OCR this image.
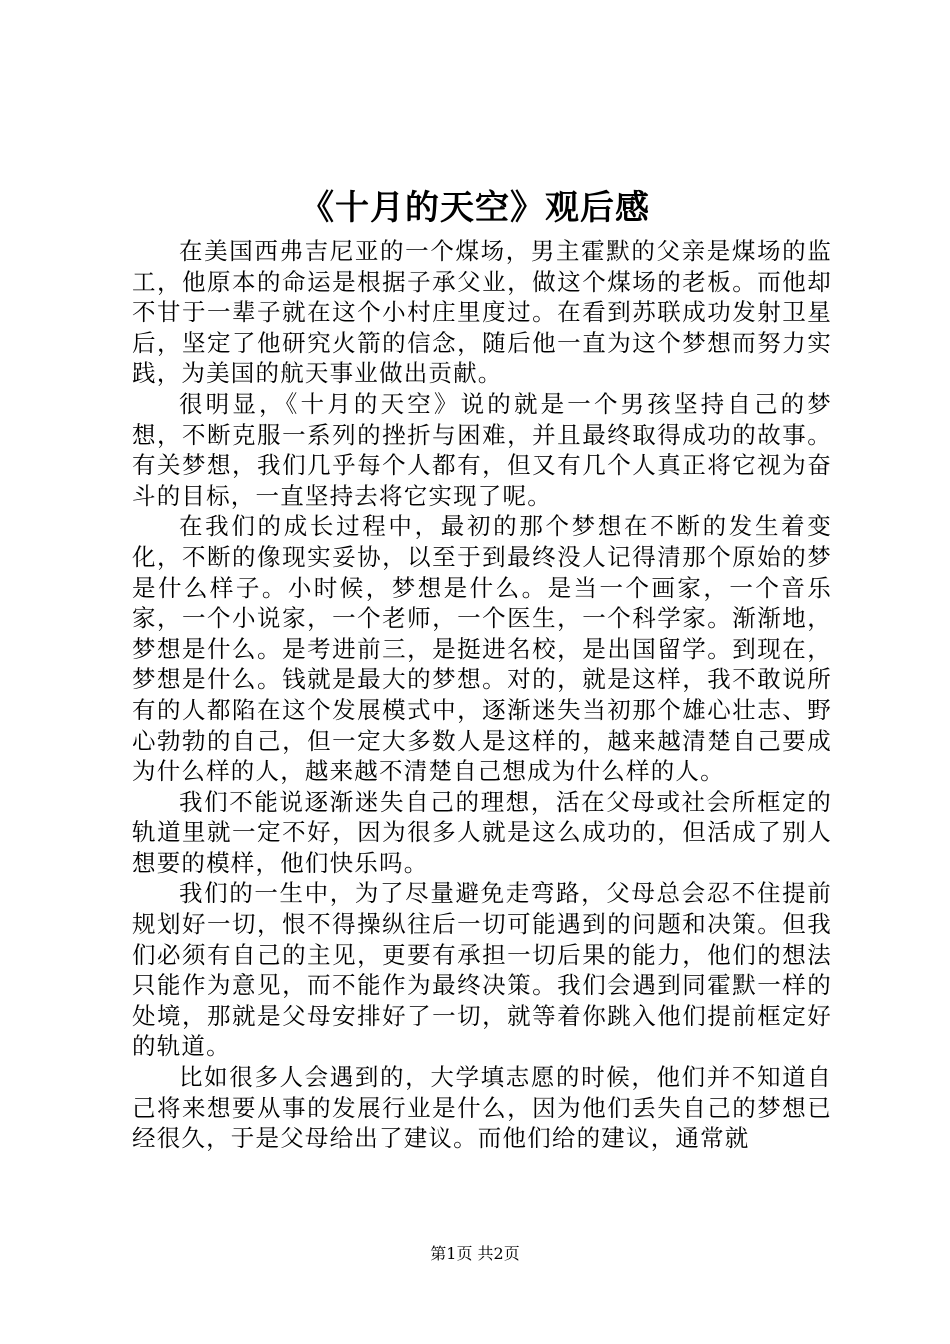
《十月的天空》观后感

在美国西弗吉尼亚的一个煤场，男主霍默的父亲是煤场的监工，他原本的命运是根据子承父业，做这个煤场的老板。而他却不甘于一辈子就在这个小村庄里度过。在看到苏联成功发射卫星后，坚定了他研究火箭的信念，随后他一直为这个梦想而努力实践，为美国的航天事业做出贡献。

很明显，《十月的天空》说的就是一个男孩坚持自己的梦想，不断克服一系列的挫折与困难，并且最终取得成功的故事。有关梦想，我们几乎每个人都有，但又有几个人真正将它视为奋斗的目标，一直坚持去将它实现了呢。

在我们的成长过程中，最初的那个梦想在不断的发生着变化，不断的像现实妥协，以至于到最终没人记得清那个原始的梦是什么样子。小时候，梦想是什么。是当一个画家，一个音乐家，一个小说家，一个老师，一个医生，一个科学家。渐渐地，梦想是什么。是考进前三，是挺进名校，是出国留学。到现在，梦想是什么。钱就是最大的梦想。对的，就是这样，我不敢说所有的人都陷在这个发展模式中，逐渐迷失当初那个雄心壮志、野心勃勃的自己，但一定大多数人是这样的，越来越清楚自己要成为什么样的人，越来越不清楚自己想成为什么样的人。

我们不能说逐渐迷失自己的理想，活在父母或社会所框定的轨道里就一定不好，因为很多人就是这么成功的，但活成了别人想要的模样，他们快乐吗。

我们的一生中，为了尽量避免走弯路，父母总会忍不住提前规划好一切，恨不得操纵往后一切可能遇到的问题和决策。但我们必须有自己的主见，更要有承担一切后果的能力，他们的想法只能作为意见，而不能作为最终决策。我们会遇到同霍默一样的处境，那就是父母安排好了一切，就等着你跳入他们提前框定好的轨道。

比如很多人会遇到的，大学填志愿的时候，他们并不知道自己将来想要从事的发展行业是什么，因为他们丢失自己的梦想已经很久，于是父母给出了建议。而他们给的建议，通常就

第1页 共2页
